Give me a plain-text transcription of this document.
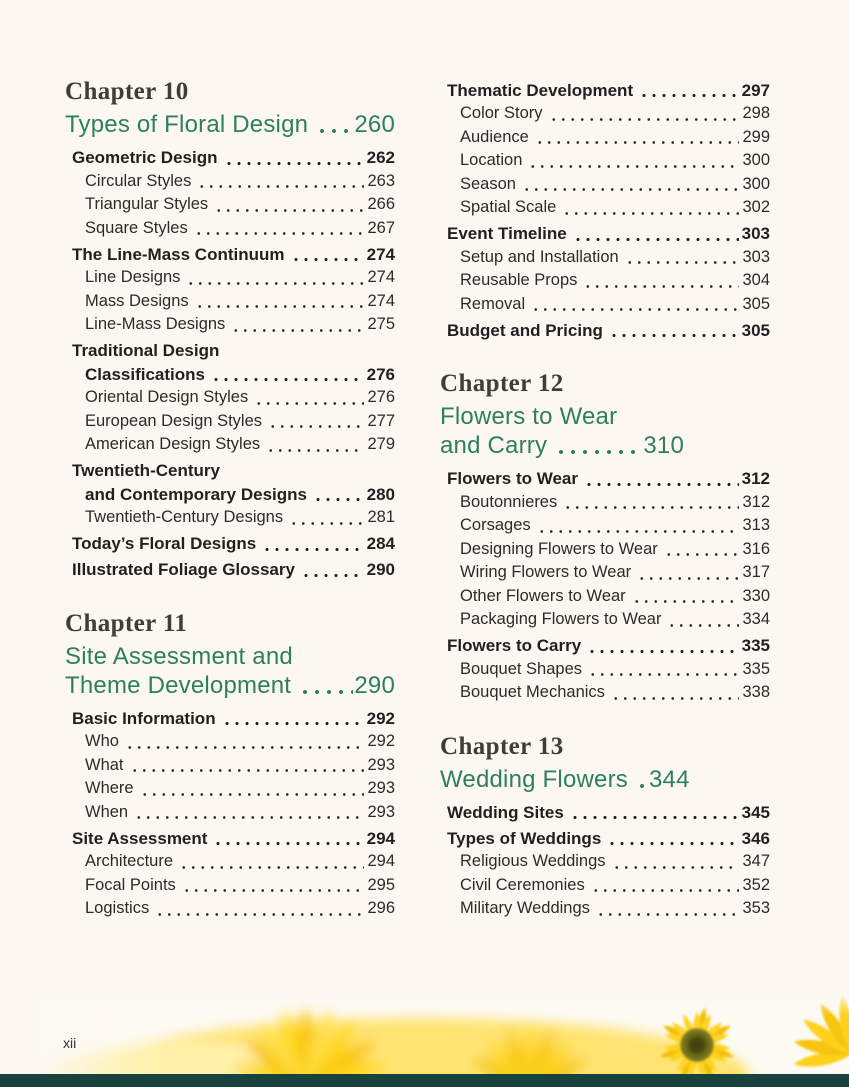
Chapter 10
Types of Floral Design 260
Geometric Design	262
Circular Styles	263
Triangular Styles	266
Square Styles	267
The Line-Mass Continuum	274
Line Designs	274
Mass Designs	274
Line-Mass Designs	275
Traditional Design
Classifications	276
Oriental Design Styles	276
European Design Styles	277
American Design Styles	279
Twentieth-Century
and Contemporary Designs	280
Twentieth-Century Designs	281
Today’s Floral Designs	284
Illustrated Foliage Glossary	290
Chapter 11
Site Assessment and
Theme Development	290
Basic Information	292
Who	292
What	293
Where	293
When	293
Site Assessment	294
Architecture	294
Focal Points	295
Logistics	296
Thematic Development	297
Color Story	298
Audience	299
Location	300
Season	300
Spatial Scale	302
Event Timeline	303
Setup and Installation	303
Reusable Props	304
Removal	305
Budget and Pricing	305
Chapter 12
Flowers to Wear
and Carry	310
Flowers to Wear	312
Boutonnieres	312
Corsages	313
Designing Flowers to Wear	316
Wiring Flowers to Wear	317
Other Flowers to Wear	330
Packaging Flowers to Wear	334
Flowers to Carry	335
Bouquet Shapes	335
Bouquet Mechanics	338
Chapter 13
Wedding Flowers 344
Wedding Sites	345
Types of Weddings	346
Religious Weddings	347
Civil Ceremonies	352
Military Weddings	353
xii
